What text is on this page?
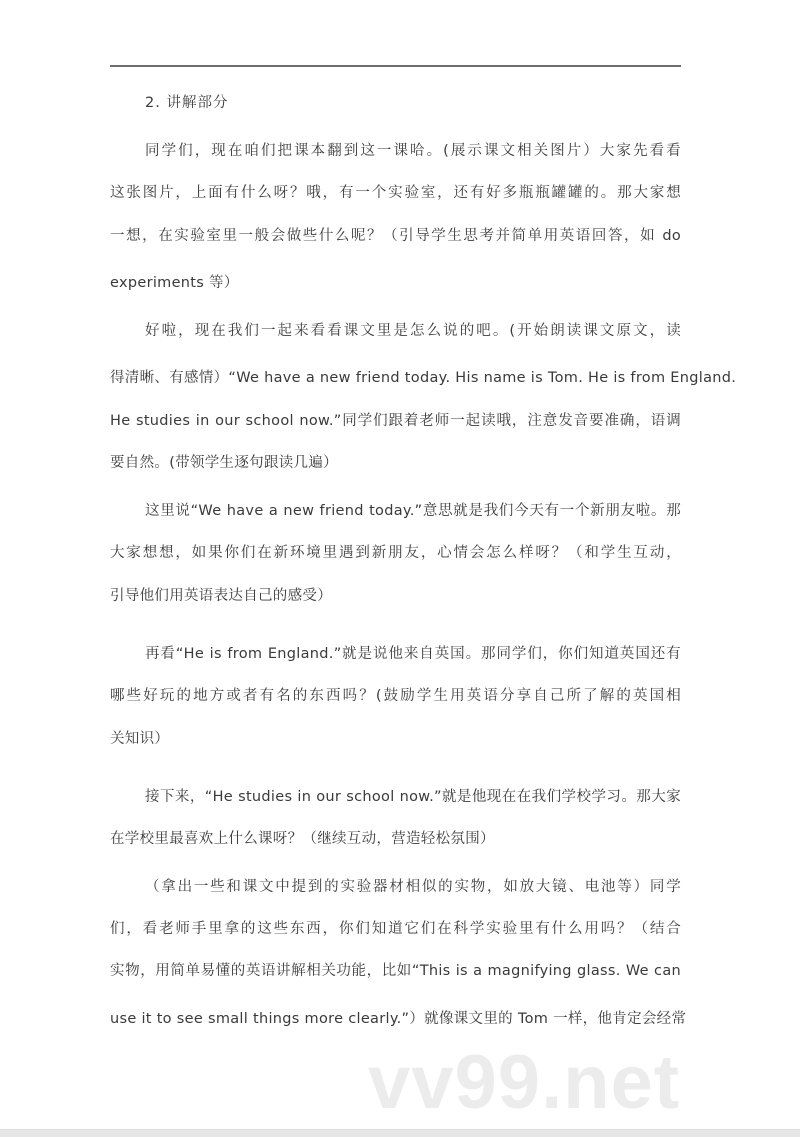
2. 讲解部分
同学们，现在咱们把课本翻到这一课哈。(展示课文相关图片）大家先看看
这张图片，上面有什么呀？哦，有一个实验室，还有好多瓶瓶罐罐的。那大家想
一想，在实验室里一般会做些什么呢？（引导学生思考并简单用英语回答，如 do
experiments 等）
好啦，现在我们一起来看看课文里是怎么说的吧。(开始朗读课文原文，读
得清晰、有感情）“We have a new friend today. His name is Tom. He is from England.
He studies in our school now.”同学们跟着老师一起读哦，注意发音要准确，语调
要自然。(带领学生逐句跟读几遍）
这里说“We have a new friend today.”意思就是我们今天有一个新朋友啦。那
大家想想，如果你们在新环境里遇到新朋友，心情会怎么样呀？（和学生互动，
引导他们用英语表达自己的感受）
再看“He is from England.”就是说他来自英国。那同学们，你们知道英国还有
哪些好玩的地方或者有名的东西吗？(鼓励学生用英语分享自己所了解的英国相
关知识）
接下来，“He studies in our school now.”就是他现在在我们学校学习。那大家
在学校里最喜欢上什么课呀？（继续互动，营造轻松氛围）
（拿出一些和课文中提到的实验器材相似的实物，如放大镜、电池等）同学
们，看老师手里拿的这些东西，你们知道它们在科学实验里有什么用吗？（结合
实物，用简单易懂的英语讲解相关功能，比如“This is a magnifying glass. We can
use it to see small things more clearly.”）就像课文里的 Tom 一样，他肯定会经常
vv99.net
